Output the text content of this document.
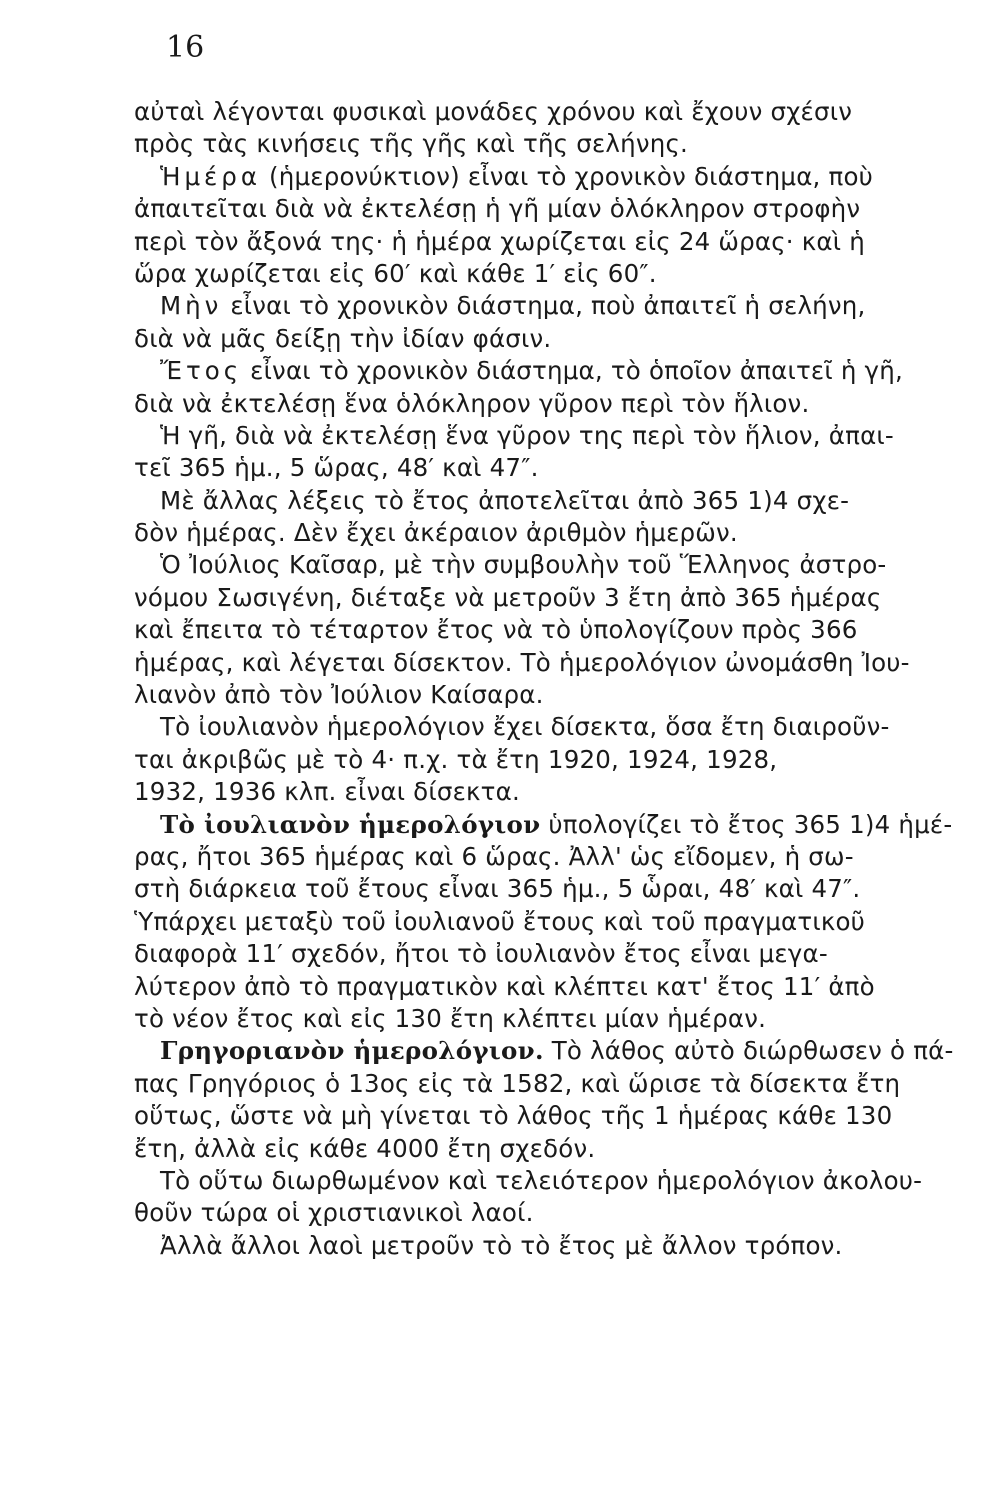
16
αὐταὶ λέγονται φυσικαὶ μονάδες χρόνου καὶ ἔχουν σχέσιν
πρὸς τὰς κινήσεις τῆς γῆς καὶ τῆς σελήνης.
Ἡμέρα (ἡμερονύκτιον) εἶναι τὸ χρονικὸν διάστημα, ποὺ
ἀπαιτεῖται διὰ νὰ ἐκτελέσῃ ἡ γῆ μίαν ὁλόκληρον στροφὴν
περὶ τὸν ἄξονά της· ἡ ἡμέρα χωρίζεται εἰς 24 ὥρας· καὶ ἡ
ὥρα χωρίζεται εἰς 60′ καὶ κάθε 1′ εἰς 60″.
Μὴν εἶναι τὸ χρονικὸν διάστημα, ποὺ ἀπαιτεῖ ἡ σελήνη,
διὰ νὰ μᾶς δείξῃ τὴν ἰδίαν φάσιν.
Ἔτος εἶναι τὸ χρονικὸν διάστημα, τὸ ὁποῖον ἀπαιτεῖ ἡ γῆ,
διὰ νὰ ἐκτελέσῃ ἕνα ὁλόκληρον γῦρον περὶ τὸν ἥλιον.
Ἡ γῆ, διὰ νὰ ἐκτελέσῃ ἕνα γῦρον της περὶ τὸν ἥλιον, ἀπαι-
τεῖ 365 ἡμ., 5 ὥρας, 48′ καὶ 47″.
Μὲ ἄλλας λέξεις τὸ ἔτος ἀποτελεῖται ἀπὸ 365 1)4 σχε-
δὸν ἡμέρας. Δὲν ἔχει ἀκέραιον ἀριθμὸν ἡμερῶν.
Ὁ Ἰούλιος Καῖσαρ, μὲ τὴν συμβουλὴν τοῦ Ἕλληνος ἀστρο-
νόμου Σωσιγένη, διέταξε νὰ μετροῦν 3 ἔτη ἀπὸ 365 ἡμέρας
καὶ ἔπειτα τὸ τέταρτον ἔτος νὰ τὸ ὑπολογίζουν πρὸς 366
ἡμέρας, καὶ λέγεται δίσεκτον. Τὸ ἡμερολόγιον ὠνομάσθη Ἰου-
λιανὸν ἀπὸ τὸν Ἰούλιον Καίσαρα.
Τὸ ἰουλιανὸν ἡμερολόγιον ἔχει δίσεκτα, ὅσα ἔτη διαιροῦν-
ται ἀκριβῶς μὲ τὸ 4· π.χ. τὰ ἔτη 1920, 1924, 1928,
1932, 1936 κλπ. εἶναι δίσεκτα.
Τὸ ἰουλιανὸν ἡμερολόγιον ὑπολογίζει τὸ ἔτος 365 1)4 ἡμέ-
ρας, ἤτοι 365 ἡμέρας καὶ 6 ὥρας. Ἀλλ' ὡς εἴδομεν, ἡ σω-
στὴ διάρκεια τοῦ ἔτους εἶναι 365 ἡμ., 5 ὧραι, 48′ καὶ 47″.
Ὑπάρχει μεταξὺ τοῦ ἰουλιανοῦ ἔτους καὶ τοῦ πραγματικοῦ
διαφορὰ 11′ σχεδόν, ἤτοι τὸ ἰουλιανὸν ἔτος εἶναι μεγα-
λύτερον ἀπὸ τὸ πραγματικὸν καὶ κλέπτει κατ' ἔτος 11′ ἀπὸ
τὸ νέον ἔτος καὶ εἰς 130 ἔτη κλέπτει μίαν ἡμέραν.
Γρηγοριανὸν ἡμερολόγιον. Τὸ λάθος αὐτὸ διώρθωσεν ὁ πά-
πας Γρηγόριος ὁ 13ος εἰς τὰ 1582, καὶ ὥρισε τὰ δίσεκτα ἔτη
οὕτως, ὥστε νὰ μὴ γίνεται τὸ λάθος τῆς 1 ἡμέρας κάθε 130
ἔτη, ἀλλὰ εἰς κάθε 4000 ἔτη σχεδόν.
Τὸ οὕτω διωρθωμένον καὶ τελειότερον ἡμερολόγιον ἀκολου-
θοῦν τώρα οἱ χριστιανικοὶ λαοί.
Ἀλλὰ ἄλλοι λαοὶ μετροῦν τὸ τὸ ἔτος μὲ ἄλλον τρόπον.
